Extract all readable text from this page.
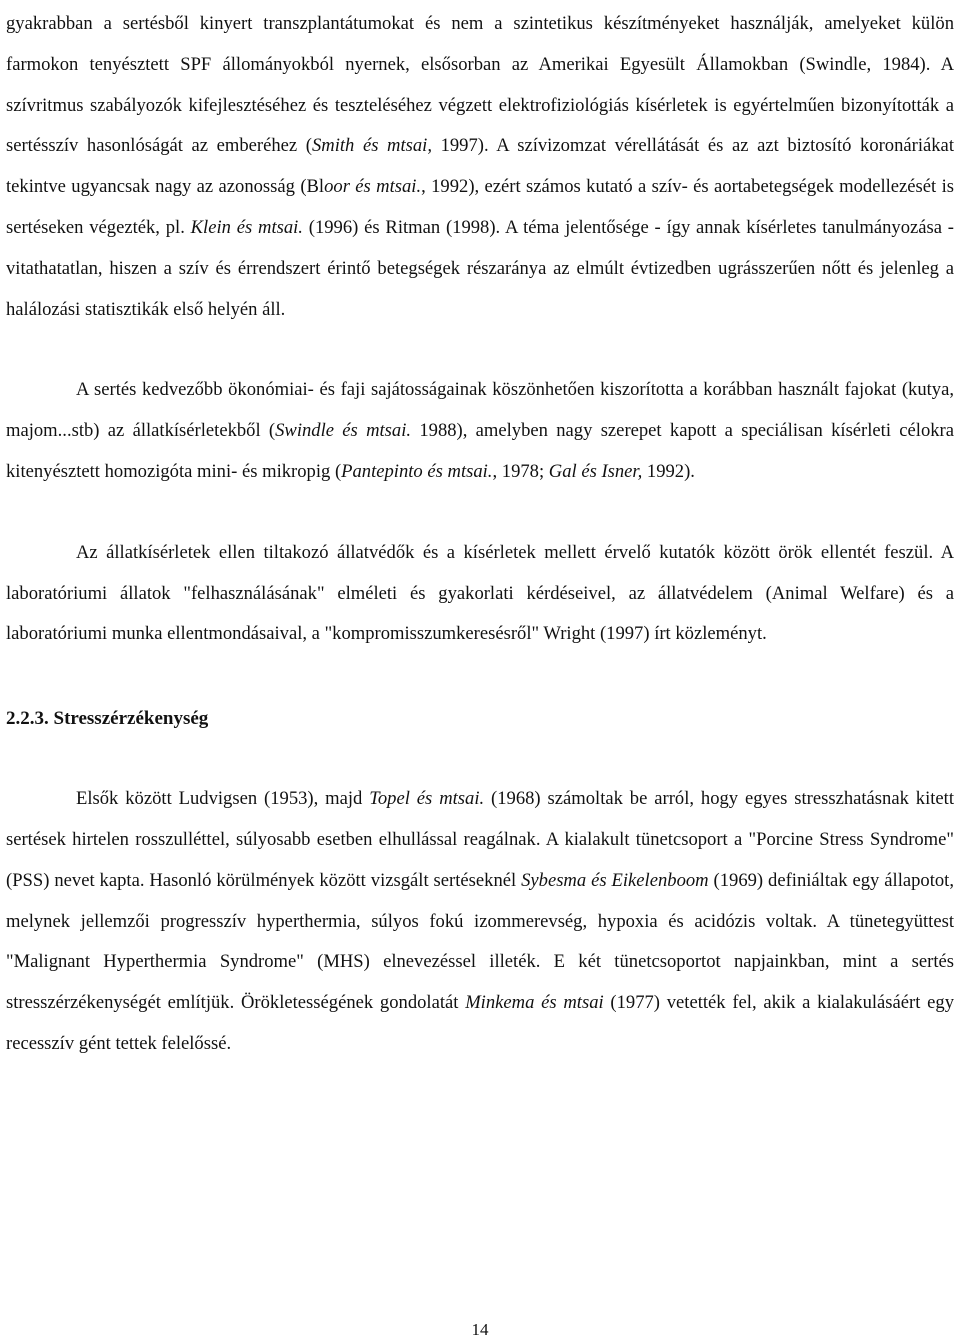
gyakrabban a sertésből kinyert transzplantátumokat és nem a szintetikus készítményeket használják, amelyeket külön farmokon tenyésztett SPF állományokból nyernek, elsősorban az Amerikai Egyesült Államokban (Swindle, 1984). A szívritmus szabályozók kifejlesztéséhez és teszteléséhez végzett elektrofiziológiás kísérletek is egyértelműen bizonyították a sertésszív hasonlóságát az emberéhez (Smith és mtsai, 1997). A szívizomzat vérellátását és az azt biztosító koronáriákat tekintve ugyancsak nagy az azonosság (Bloor és mtsai., 1992), ezért számos kutató a szív- és aortabetegségek modellezését is sertéseken végezték, pl. Klein és mtsai. (1996) és Ritman (1998). A téma jelentősége - így annak kísérletes tanulmányozása - vitathatatlan, hiszen a szív és érrendszert érintő betegségek részaránya az elmúlt évtizedben ugrásszerűen nőtt és jelenleg a halálozási statisztikák első helyén áll.

A sertés kedvezőbb ökonómiai- és faji sajátosságainak köszönhetően kiszorította a korábban használt fajokat (kutya, majom...stb) az állatkísérletekből (Swindle és mtsai. 1988), amelyben nagy szerepet kapott a speciálisan kísérleti célokra kitenyésztett homozigóta mini- és mikropig (Pantepinto és mtsai., 1978; Gal és Isner, 1992).

Az állatkísérletek ellen tiltakozó állatvédők és a kísérletek mellett érvelő kutatók között örök ellentét feszül. A laboratóriumi állatok "felhasználásának" elméleti és gyakorlati kérdéseivel, az állatvédelem (Animal Welfare) és a laboratóriumi munka ellentmondásaival, a "kompromisszumkeresésről" Wright (1997) írt közleményt.

2.2.3. Stresszérzékenység

Elsők között Ludvigsen (1953), majd Topel és mtsai. (1968) számoltak be arról, hogy egyes stresszhatásnak kitett sertések hirtelen rosszulléttel, súlyosabb esetben elhullással reagálnak. A kialakult tünetcsoport a "Porcine Stress Syndrome" (PSS) nevet kapta. Hasonló körülmények között vizsgált sertéseknél Sybesma és Eikelenboom (1969) definiáltak egy állapotot, melynek jellemzői progresszív hyperthermia, súlyos fokú izommerevség, hypoxia és acidózis voltak. A tünetegyüttest "Malignant Hyperthermia Syndrome" (MHS) elnevezéssel illeték. E két tünetcsoportot napjainkban, mint a sertés stresszérzékenységét említjük. Örökletességének gondolatát Minkema és mtsai (1977) vetették fel, akik a kialakulásáért egy recesszív gént tettek felelőssé.

14
